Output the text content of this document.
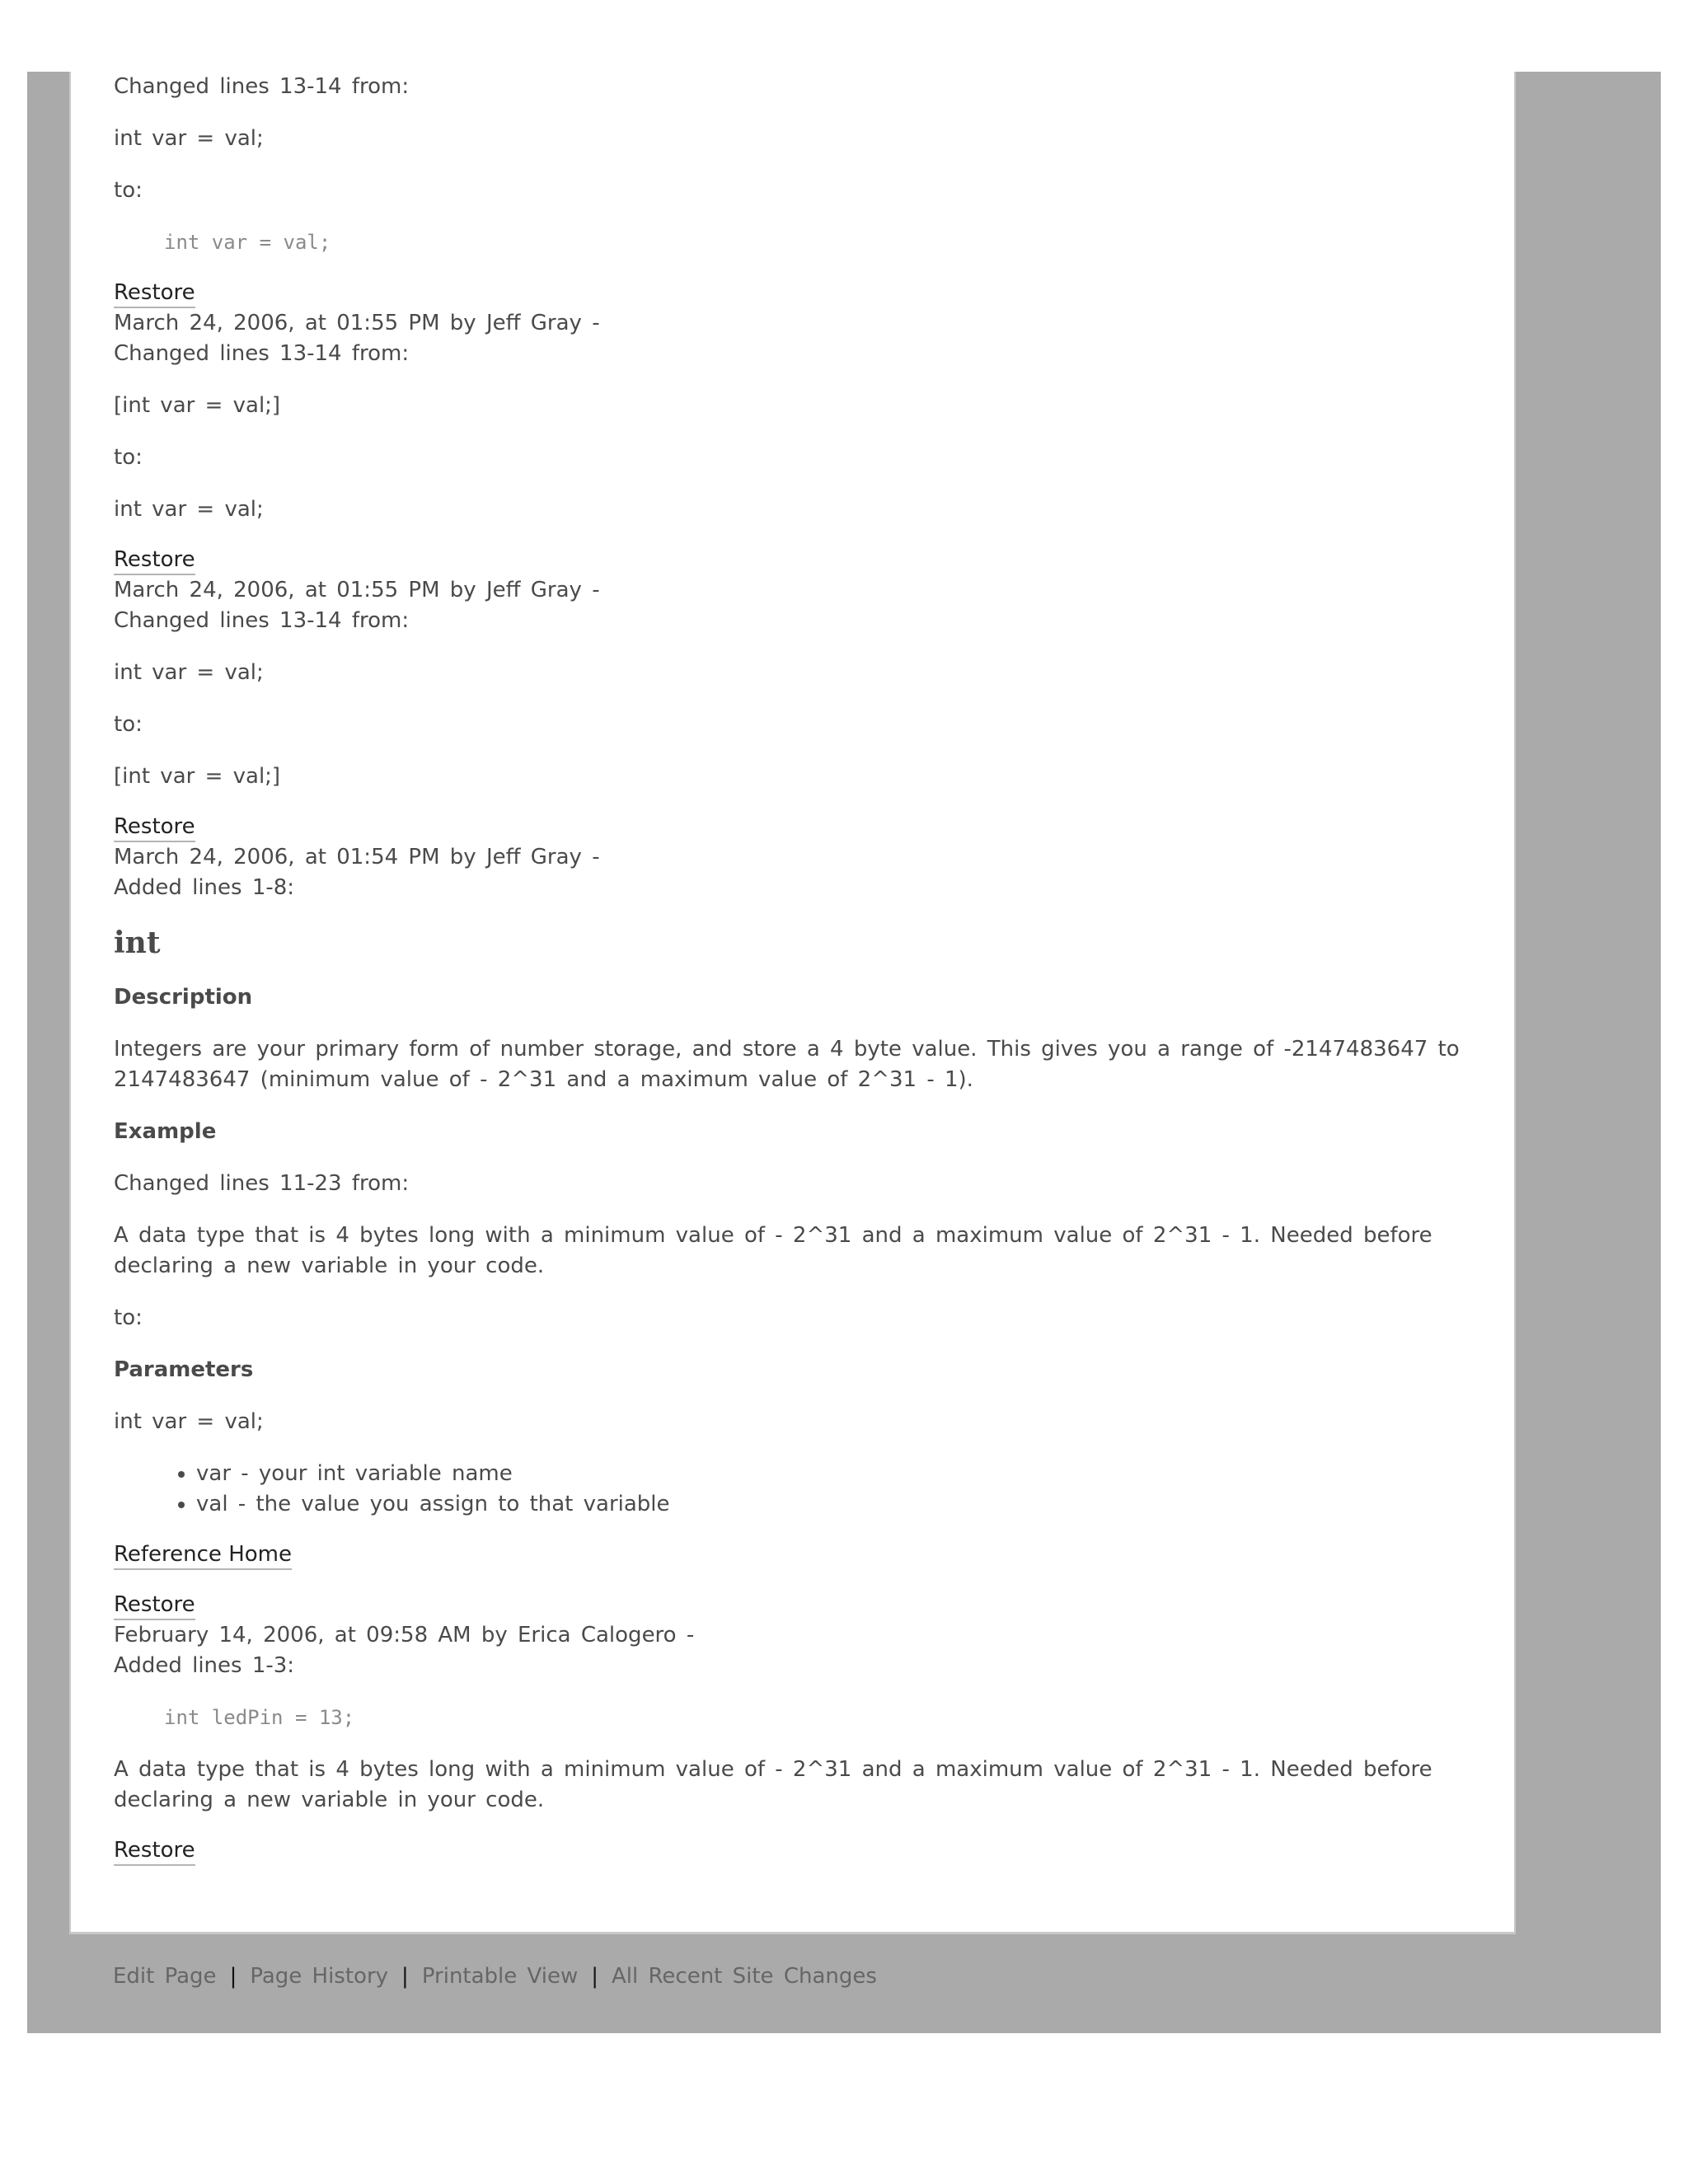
Changed lines 13-14 from:

int var = val;

to:

int var = val;
Restore

March 24, 2006, at 01:55 PM by Jeff Gray -

Changed lines 13-14 from:

[int var = val;]

to:

int var = val;

Restore

March 24, 2006, at 01:55 PM by Jeff Gray -

Changed lines 13-14 from:

int var = val;

to:

[int var = val;]

Restore

March 24, 2006, at 01:54 PM by Jeff Gray -

Added lines 1-8:

int
Description

Integers are your primary form of number storage, and store a 4 byte value. This gives you a range of -2147483647 to 2147483647 (minimum value of - 2^31 and a maximum value of 2^31 - 1).

Example

Changed lines 11-23 from:

A data type that is 4 bytes long with a minimum value of - 2^31 and a maximum value of 2^31 - 1. Needed before declaring a new variable in your code.

to:

Parameters

int var = val;

• var - your int variable name
• val - the value you assign to that variable
Reference Home
Restore

February 14, 2006, at 09:58 AM by Erica Calogero -

Added lines 1-3:

int ledPin = 13;

A data type that is 4 bytes long with a minimum value of - 2^31 and a maximum value of 2^31 - 1. Needed before declaring a new variable in your code.

Restore
Edit Page | Page History | Printable View | All Recent Site Changes
